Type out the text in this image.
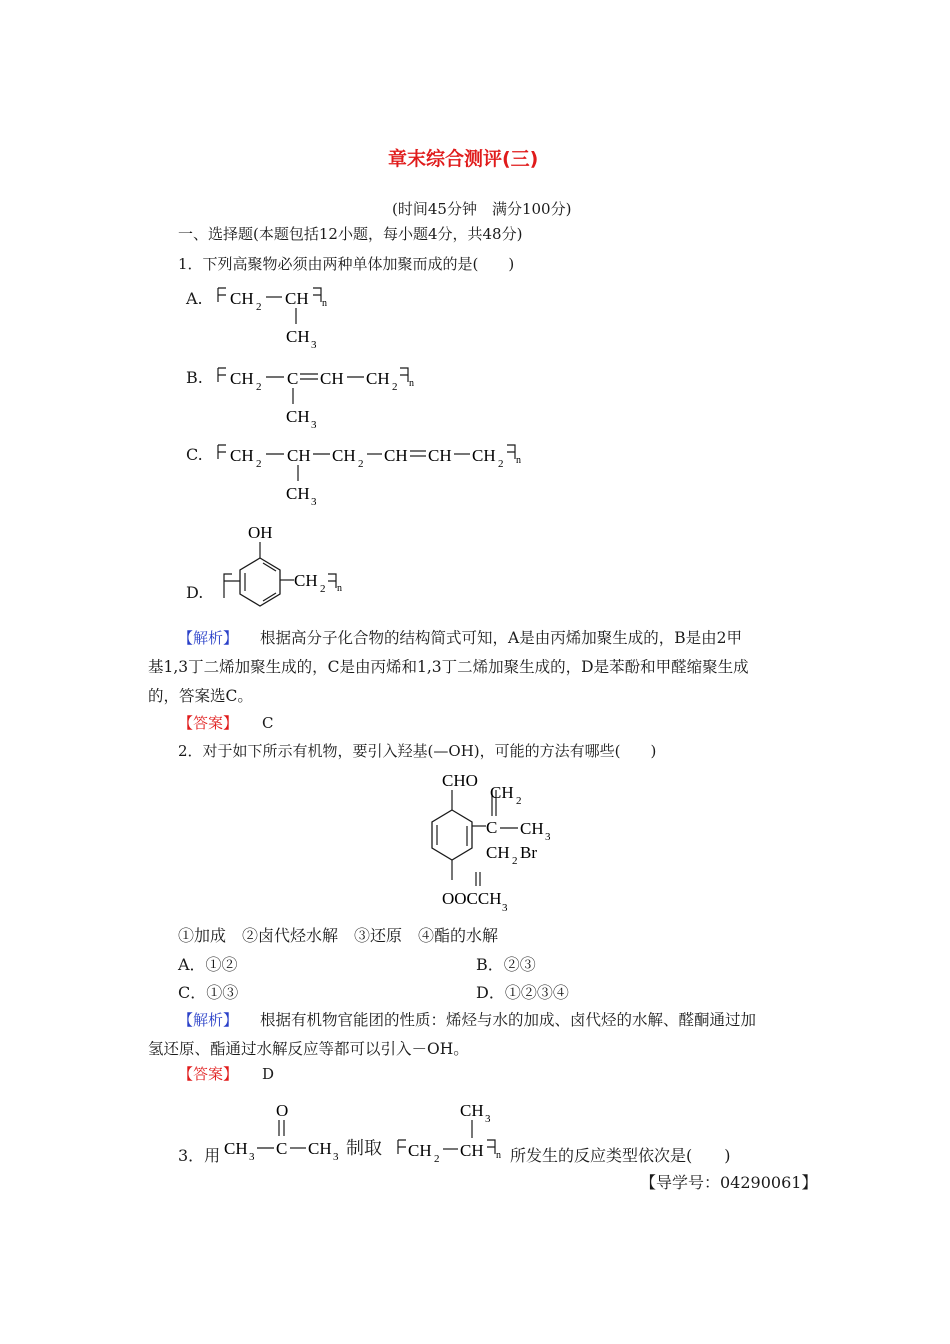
章末综合测评(三)
(时间45分钟　满分100分)
一、选择题(本题包括12小题，每小题4分，共48分)
1．下列高聚物必须由两种单体加聚而成的是(　　)
A. CH 2 CH n
CH 3
B. CH 2 C CH CH 2 n
CH 3
C. CH 2 CH CH 2 CH CH CH 2 n
CH 3
D.
OH
CH 2 n
【解析】 根据高分子化合物的结构简式可知，A是由丙烯加聚生成的，B是由2甲
基1,3丁二烯加聚生成的，C是由丙烯和1,3丁二烯加聚生成的，D是苯酚和甲醛缩聚生成
的，答案选C。
【答案】 C
2．对于如下所示有机物，要引入羟基(—OH)，可能的方法有哪些(　　)
CHO
C
CH 2
CH 3
CH 2 Br
OOCCH 3
①加成　②卤代烃水解　③还原　④酯的水解
A．①②	B．②③
C．①③	D．①②③④
【解析】 根据有机物官能团的性质：烯烃与水的加成、卤代烃的水解、醛酮通过加
氢还原、酯通过水解反应等都可以引入－OH。
【答案】 D
3．用
O
CH 3 C CH 3 制取
CH 3
CH 2 CH n 所发生的反应类型依次是(　　)
【导学号：04290061】
